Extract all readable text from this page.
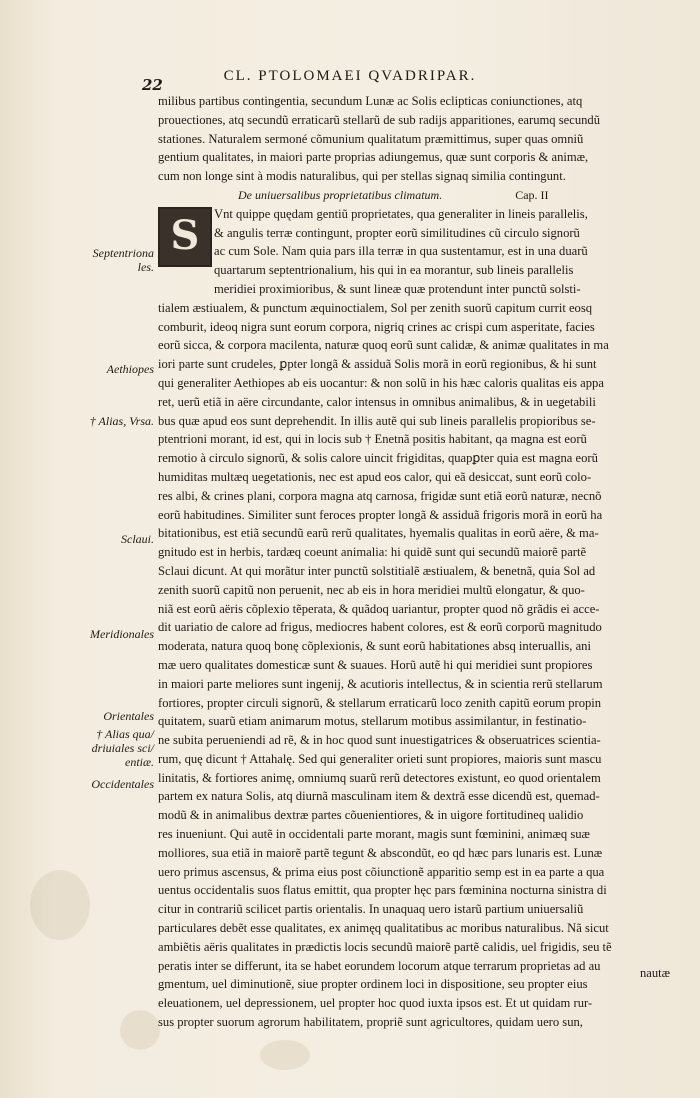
22	CL. PTOLOMAEI QVADRIPAR.
milibus partibus contingentia, secundum Lunæ ac Solis eclipticas coniunctiones, atq
prouectiones, atq secundũ erraticarũ stellarũ de sub radijs apparitiones, earumq secundũ
stationes. Naturalem sermoné cõmunium qualitatum præmittimus, super quas omniũ
gentium qualitates, in maiori parte proprias adiungemus, quæ sunt corporis & animæ,
cum non longe sint à modis naturalibus, qui per stellas signaq similia contingunt.
De uniuersalibus proprietatibus climatum.	Cap. II
S	Vnt quippe quędam gentiũ proprietates, qua generaliter in lineis parallelis,
& angulis terræ contingunt, propter eorũ similitudines cũ circulo signorũ
ac cum Sole. Nam quia pars illa terræ in qua sustentamur, est in una duarũ
quartarum septentrionalium, his qui in ea morantur, sub lineis parallelis
meridiei proximioribus, & sunt lineæ quæ protendunt inter punctũ solsti-
tialem æstiualem, & punctum æquinoctialem, Sol per zenith suorũ capitum currit eosq
comburit, ideoq nigra sunt eorum corpora, nigriq crines ac crispi cum asperitate, facies
eorũ sicca, & corpora macilenta, naturæ quoq eorũ sunt calidæ, & animæ qualitates in ma
iori parte sunt crudeles, ꝑpter longã & assiduã Solis morã in eorũ regionibus, & hi sunt
qui generaliter Aethiopes ab eis uocantur: & non solũ in his hæc caloris qualitas eis appa
ret, uerũ etiã in aëre circundante, calor intensus in omnibus animalibus, & in uegetabili
bus quæ apud eos sunt deprehendit. In illis autẽ qui sub lineis parallelis propioribus se-
ptentrioni morant, id est, qui in locis sub † Enetnã positis habitant, qa magna est eorũ
remotio à circulo signorũ, & solis calore uincit frigiditas, quapꝑter quia est magna eorũ
humiditas multæq uegetationis, nec est apud eos calor, qui eã desiccat, sunt eorũ colo-
res albi, & crines plani, corpora magna atq carnosa, frigidæ sunt etiã eorũ naturæ, necnõ
eorũ habitudines. Similiter sunt feroces propter longã & assiduã frigoris morã in eorũ ha
bitationibus, est etiã secundũ earũ rerũ qualitates, hyemalis qualitas in eorũ aëre, & ma-
gnitudo est in herbis, tardæq coeunt animalia: hi quidẽ sunt qui secundũ maiorẽ partẽ
Sclaui dicunt. At qui morãtur inter punctũ solstitialẽ æstiualem, & benetnã, quia Sol ad
zenith suorũ capitũ non peruenit, nec ab eis in hora meridiei multũ elongatur, & quo-
niã est eorũ aëris cõplexio tẽperata, & quãdoq uariantur, propter quod nõ grãdis ei acce-
dit uariatio de calore ad frigus, mediocres habent colores, est & eorũ corporũ magnitudo
moderata, natura quoq bonę cõplexionis, & sunt eorũ habitationes absq interuallis, ani
mæ uero qualitates domesticæ sunt & suaues. Horũ autẽ hi qui meridiei sunt propiores
in maiori parte meliores sunt ingenij, & acutioris intellectus, & in scientia rerũ stellarum
fortiores, propter circuli signorũ, & stellarum erraticarũ loco zenith capitũ eorum propin
quitatem, suarũ etiam animarum motus, stellarum motibus assimilantur, in festinatio-
ne subita perueniendi ad rẽ, & in hoc quod sunt inuestigatrices & obseruatrices scientia-
rum, quę dicunt † Attahalę. Sed qui generaliter orieti sunt propiores, maioris sunt mascu
linitatis, & fortiores animę, omniumq suarũ rerũ detectores existunt, eo quod orientalem
partem ex natura Solis, atq diurnã masculinam item & dextrã esse dicendũ est, quemad-
modũ & in animalibus dextræ partes cõuenientiores, & in uigore fortitudineq ualidio
res inueniunt. Qui autẽ in occidentali parte morant, magis sunt fœminini, animæq suæ
molliores, sua etiã in maiorẽ partẽ tegunt & abscondũt, eo qd hæc pars lunaris est. Lunæ
uero primus ascensus, & prima eius post cõiunctionẽ apparitio semp est in ea parte a qua
uentus occidentalis suos flatus emittit, qua propter hęc pars fœminina nocturna sinistra di
citur in contrariũ scilicet partis orientalis. In unaquaq uero istarũ partium uniuersaliũ
particulares debẽt esse qualitates, ex animęq qualitatibus ac moribus naturalibus. Nã sicut
ambiẽtis aëris qualitates in prædictis locis secundũ maiorẽ partẽ calidis, uel frigidis, seu tẽ
peratis inter se differunt, ita se habet eorundem locorum atque terrarum proprietas ad au
gmentum, uel diminutionẽ, siue propter ordinem loci in dispositione, seu propter eius
eleuationem, uel depressionem, uel propter hoc quod iuxta ipsos est. Et ut quidam rur-
sus propter suorum agrorum habilitatem, propriẽ sunt agricultores, quidam uero sun,
Septentriona les.
Aethiopes
† Alias, Vrsa.
Sclaui.
Meridionales
Orientales
† Alias qua/ driuiales sci/ entiæ.
Occidentales
nautæ
